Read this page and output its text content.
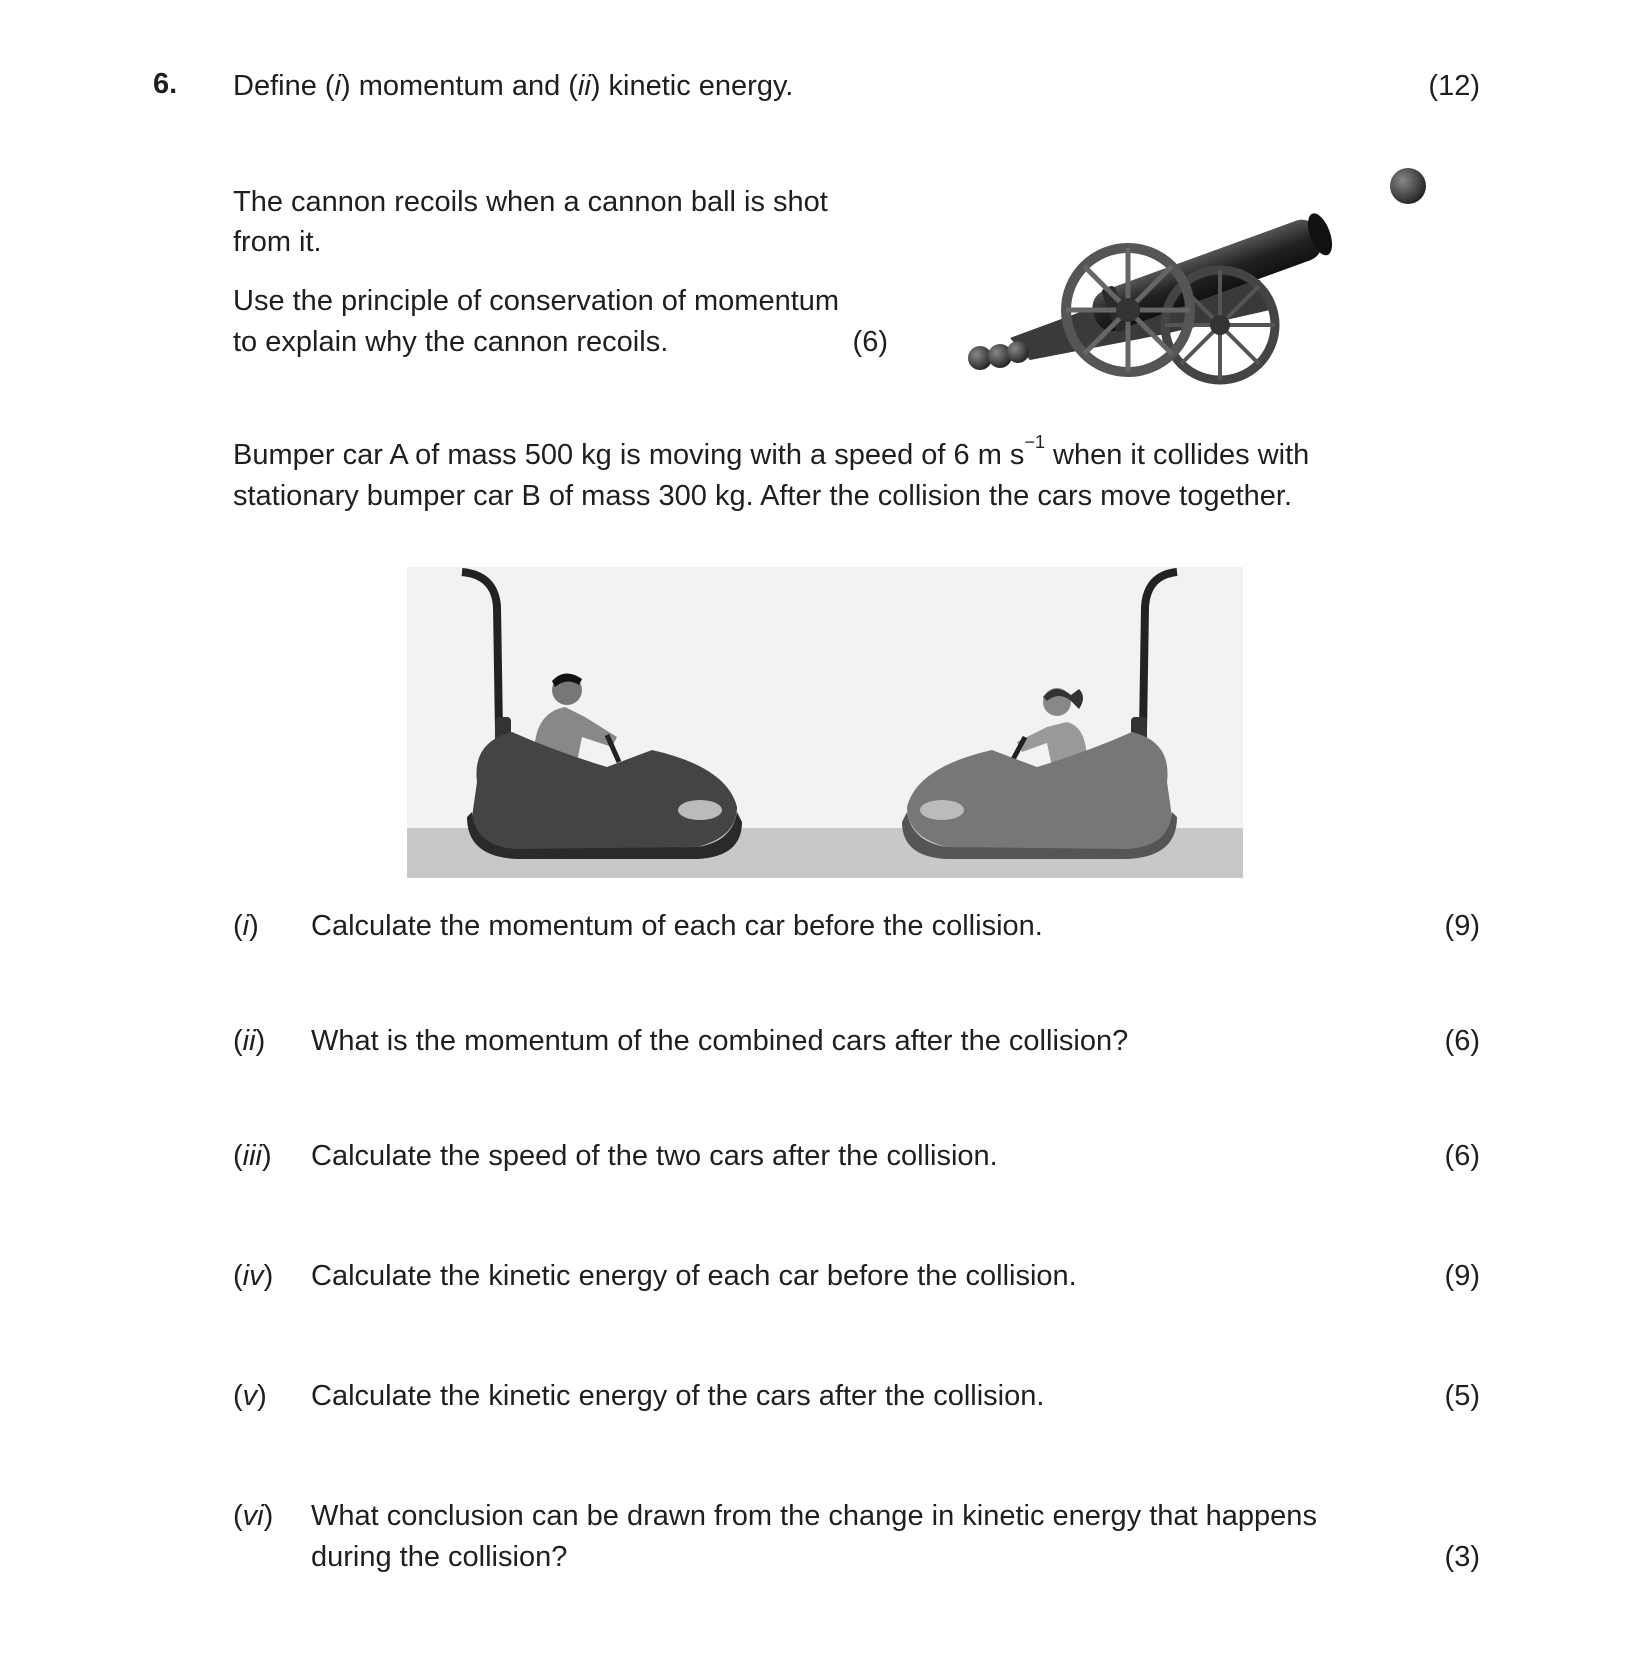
6. Define (i) momentum and (ii) kinetic energy.	(12)
The cannon recoils when a cannon ball is shot from it.
Use the principle of conservation of momentum
to explain why the cannon recoils.	(6)
Bumper car A of mass 500 kg is moving with a speed of 6 m $s^{-1}$ when it collides with
stationary bumper car B of mass 300 kg. After the collision the cars move together.
(i) Calculate the momentum of each car before the collision.	(9)
(ii) What is the momentum of the combined cars after the collision?	(6)
(iii) Calculate the speed of the two cars after the collision.	(6)
(iv) Calculate the kinetic energy of each car before the collision.	(9)
(v) Calculate the kinetic energy of the cars after the collision.	(5)
(vi) What conclusion can be drawn from the change in kinetic energy that happens
during the collision?	(3)
